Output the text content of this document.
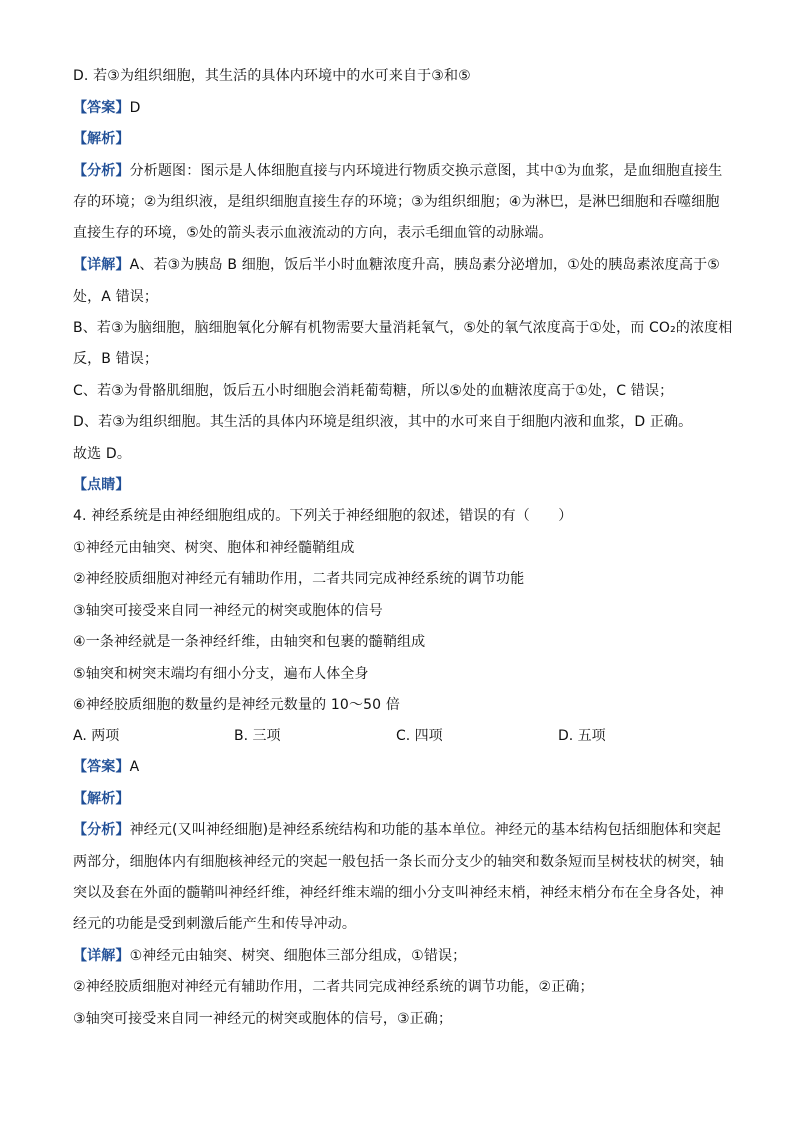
D. 若③为组织细胞，其生活的具体内环境中的水可来自于③和⑤
【答案】D
【解析】
【分析】分析题图：图示是人体细胞直接与内环境进行物质交换示意图，其中①为血浆，是血细胞直接生
存的环境；②为组织液，是组织细胞直接生存的环境；③为组织细胞；④为淋巴，是淋巴细胞和吞噬细胞
直接生存的环境，⑤处的箭头表示血液流动的方向，表示毛细血管的动脉端。
【详解】A、若③为胰岛 B 细胞，饭后半小时血糖浓度升高，胰岛素分泌增加，①处的胰岛素浓度高于⑤
处，A 错误；
B、若③为脑细胞，脑细胞氧化分解有机物需要大量消耗氧气，⑤处的氧气浓度高于①处，而 CO₂的浓度相
反，B 错误；
C、若③为骨骼肌细胞，饭后五小时细胞会消耗葡萄糖，所以⑤处的血糖浓度高于①处，C 错误；
D、若③为组织细胞。其生活的具体内环境是组织液，其中的水可来自于细胞内液和血浆，D 正确。
故选 D。
【点睛】
4. 神经系统是由神经细胞组成的。下列关于神经细胞的叙述，错误的有（　　）
①神经元由轴突、树突、胞体和神经髓鞘组成
②神经胶质细胞对神经元有辅助作用，二者共同完成神经系统的调节功能
③轴突可接受来自同一神经元的树突或胞体的信号
④一条神经就是一条神经纤维，由轴突和包裹的髓鞘组成
⑤轴突和树突末端均有细小分支，遍布人体全身
⑥神经胶质细胞的数量约是神经元数量的 10～50 倍
A. 两项	B. 三项	C. 四项	D. 五项
【答案】A
【解析】
【分析】神经元(又叫神经细胞)是神经系统结构和功能的基本单位。神经元的基本结构包括细胞体和突起
两部分，细胞体内有细胞核神经元的突起一般包括一条长而分支少的轴突和数条短而呈树枝状的树突，轴
突以及套在外面的髓鞘叫神经纤维，神经纤维末端的细小分支叫神经末梢，神经末梢分布在全身各处，神
经元的功能是受到刺激后能产生和传导冲动。
【详解】①神经元由轴突、树突、细胞体三部分组成，①错误；
②神经胶质细胞对神经元有辅助作用，二者共同完成神经系统的调节功能，②正确；
③轴突可接受来自同一神经元的树突或胞体的信号，③正确；
